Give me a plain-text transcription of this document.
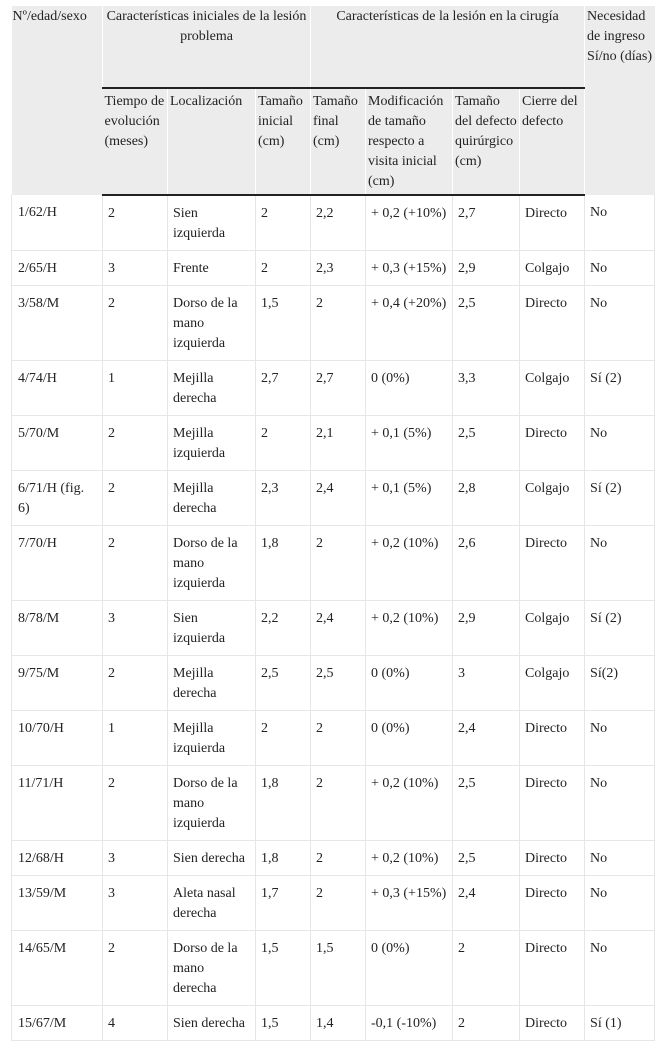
Nº/edad/sexo	Características iniciales de la lesión problema			Características de la lesión en la cirugía				Necesidad de ingreso Sí/no (días)
	Tiempo de evolución (meses)	Localización	Tamaño inicial (cm)	Tamaño final (cm)	Modificación de tamaño respecto a visita inicial (cm)	Tamaño del defecto quirúrgico (cm)	Cierre del defecto	
1/62/H	2	Sien izquierda	2	2,2	+ 0,2 (+10%)	2,7	Directo	No
2/65/H	3	Frente	2	2,3	+ 0,3 (+15%)	2,9	Colgajo	No
3/58/M	2	Dorso de la mano izquierda	1,5	2	+ 0,4 (+20%)	2,5	Directo	No
4/74/H	1	Mejilla derecha	2,7	2,7	0 (0%)	3,3	Colgajo	Sí (2)
5/70/M	2	Mejilla izquierda	2	2,1	+ 0,1 (5%)	2,5	Directo	No
6/71/H (fig. 6)	2	Mejilla derecha	2,3	2,4	+ 0,1 (5%)	2,8	Colgajo	Sí (2)
7/70/H	2	Dorso de la mano izquierda	1,8	2	+ 0,2 (10%)	2,6	Directo	No
8/78/M	3	Sien izquierda	2,2	2,4	+ 0,2 (10%)	2,9	Colgajo	Sí (2)
9/75/M	2	Mejilla derecha	2,5	2,5	0 (0%)	3	Colgajo	Sí(2)
10/70/H	1	Mejilla izquierda	2	2	0 (0%)	2,4	Directo	No
11/71/H	2	Dorso de la mano izquierda	1,8	2	+ 0,2 (10%)	2,5	Directo	No
12/68/H	3	Sien derecha	1,8	2	+ 0,2 (10%)	2,5	Directo	No
13/59/M	3	Aleta nasal derecha	1,7	2	+ 0,3 (+15%)	2,4	Directo	No
14/65/M	2	Dorso de la mano derecha	1,5	1,5	0 (0%)	2	Directo	No
15/67/M	4	Sien derecha	1,5	1,4	-0,1 (-10%)	2	Directo	Sí (1)
